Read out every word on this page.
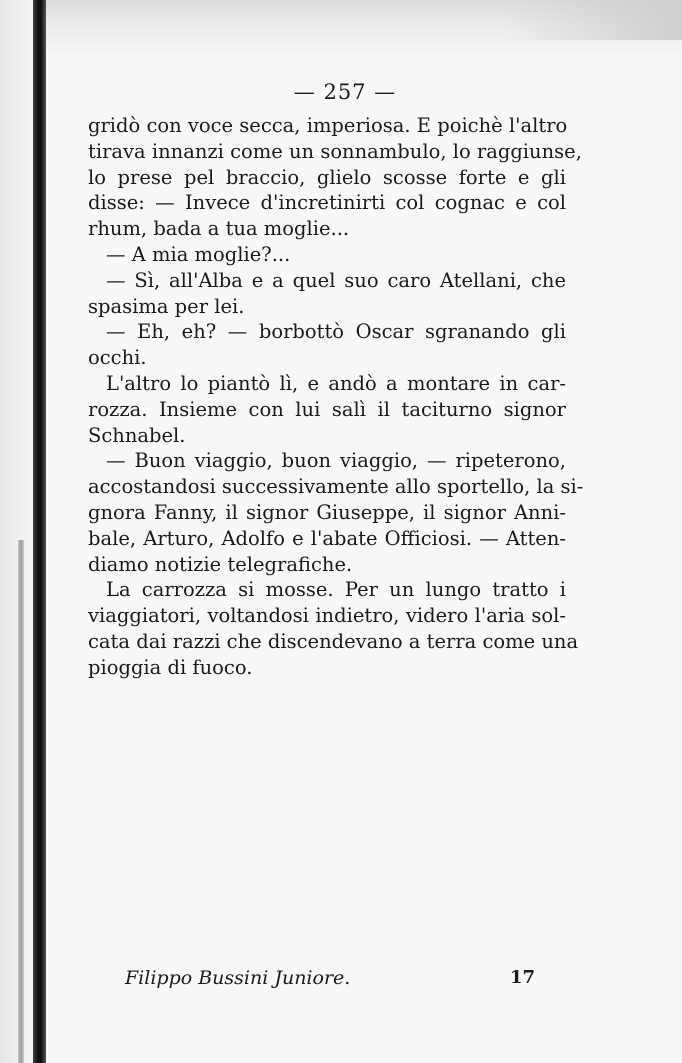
— 257 —
gridò con voce secca, imperiosa. E poichè l'altro
tirava innanzi come un sonnambulo, lo raggiunse,
lo prese pel braccio, glielo scosse forte e gli
disse: — Invece d'incretinirti col cognac e col
rhum, bada a tua moglie...
— A mia moglie?...
— Sì, all'Alba e a quel suo caro Atellani, che
spasima per lei.
— Eh, eh? — borbottò Oscar sgranando gli
occhi.
L'altro lo piantò lì, e andò a montare in car-
rozza. Insieme con lui salì il taciturno signor
Schnabel.
— Buon viaggio, buon viaggio, — ripeterono,
accostandosi successivamente allo sportello, la si-
gnora Fanny, il signor Giuseppe, il signor Anni-
bale, Arturo, Adolfo e l'abate Officiosi. — Atten-
diamo notizie telegrafiche.
La carrozza si mosse. Per un lungo tratto i
viaggiatori, voltandosi indietro, videro l'aria sol-
cata dai razzi che discendevano a terra come una
pioggia di fuoco.
Filippo Bussini Juniore.	17
